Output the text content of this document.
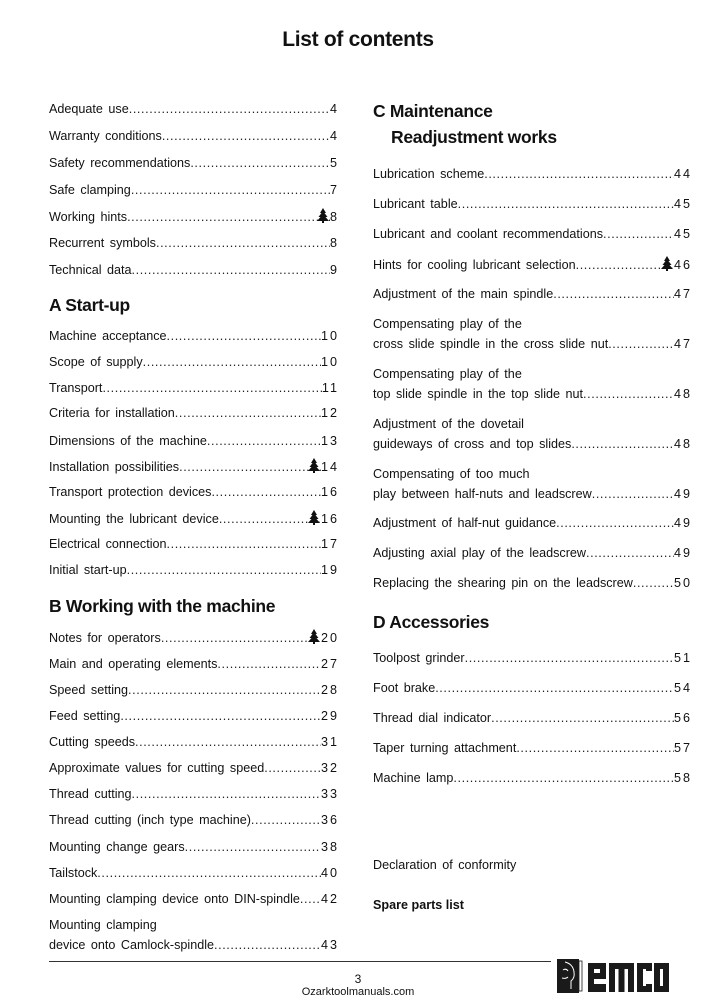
List of contents
A Start-up
B Working with the machine
Adequate use .....	4
Warranty conditions .....	4
Safety recommendations .....	5
Safe clamping .....	7
Working hints .....	8
Recurrent symbols .....	8
Technical data .....	9
Machine acceptance .....	10
Scope of supply .....	10
Transport .....	11
Criteria for installation .....	12
Dimensions of the machine .....	13
Installation possibilities .....	14
Transport protection devices .....	16
Mounting the lubricant device .....	16
Electrical connection .....	17
Initial start-up .....	19
Notes for operators .....	20
Main and operating elements .....	27
Speed setting .....	28
Feed setting .....	29
Cutting speeds .....	31
Approximate values for cutting speed .....	32
Thread cutting .....	33
Thread cutting (inch type machine) .....	36
Mounting change gears .....	38
Tailstock .....	40
Mounting clamping device onto DIN-spindle ..... 42
Mounting clamping
device onto Camlock-spindle .....	43
C Maintenance
Readjustment works
D Accessories
Declaration of conformity
Spare parts list
Lubrication scheme .....	44
Lubricant table .....	45
Lubricant and coolant recommendations .....	45
Hints for cooling lubricant selection .....	46
Adjustment of the main spindle .....	47
Compensating play of the
cross slide spindle in the cross slide nut .....	47
Compensating play of the
top slide spindle in the top slide nut .....	48
Adjustment of the dovetail
guideways of cross and top slides .....	48
Compensating of too much
play between half-nuts and leadscrew .....	49
Adjustment of half-nut guidance .....	49
Adjusting axial play of the leadscrew .....	49
Replacing the shearing pin on the leadscrew .....	50
Toolpost grinder .....	51
Foot brake .....	54
Thread dial indicator .....	56
Taper turning attachment .....	57
Machine lamp .....	58
3
Ozarktoolmanuals.com
